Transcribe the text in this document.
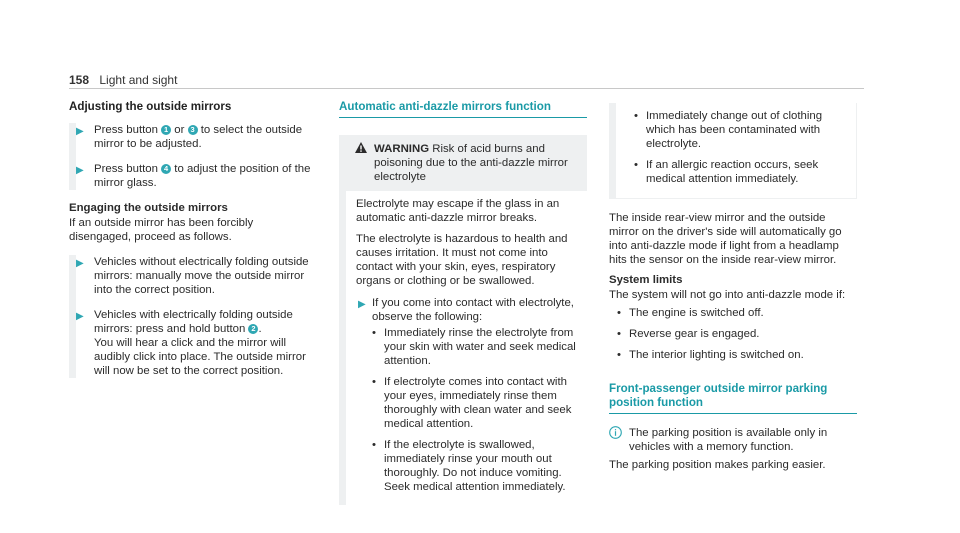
158 Light and sight
Adjusting the outside mirrors
▶ Press button 1 or 3 to select the outside mirror to be adjusted.
▶ Press button 4 to adjust the position of the mirror glass.
Engaging the outside mirrors

If an outside mirror has been forcibly disengaged, proceed as follows.

▶ Vehicles without electrically folding outside mirrors: manually move the outside mirror into the correct position.
▶ Vehicles with electrically folding outside mirrors: press and hold button 2 .
You will hear a click and the mirror will audibly click into place. The outside mirror will now be set to the correct position.
Automatic anti-dazzle mirrors function
WARNING Risk of acid burns and poisoning due to the anti-dazzle mirror electrolyte

Electrolyte may escape if the glass in an automatic anti-dazzle mirror breaks.

The electrolyte is hazardous to health and causes irritation. It must not come into contact with your skin, eyes, respiratory organs or clothing or be swallowed.

▶ If you come into contact with electrolyte, observe the following:
• Immediately rinse the electrolyte from your skin with water and seek medical attention.
• If electrolyte comes into contact with your eyes, immediately rinse them thoroughly with clean water and seek medical attention.
• If the electrolyte is swallowed, immediately rinse your mouth out thoroughly. Do not induce vomiting. Seek medical attention immediately.
• Immediately change out of clothing which has been contaminated with electrolyte.
• If an allergic reaction occurs, seek medical attention immediately.

The inside rear-view mirror and the outside mirror on the driver's side will automatically go into anti-dazzle mode if light from a headlamp hits the sensor on the inside rear-view mirror.

System limits

The system will not go into anti-dazzle mode if:

• The engine is switched off.
• Reverse gear is engaged.
• The interior lighting is switched on.
Front-passenger outside mirror parking position function
The parking position is available only in vehicles with a memory function.

The parking position makes parking easier.
